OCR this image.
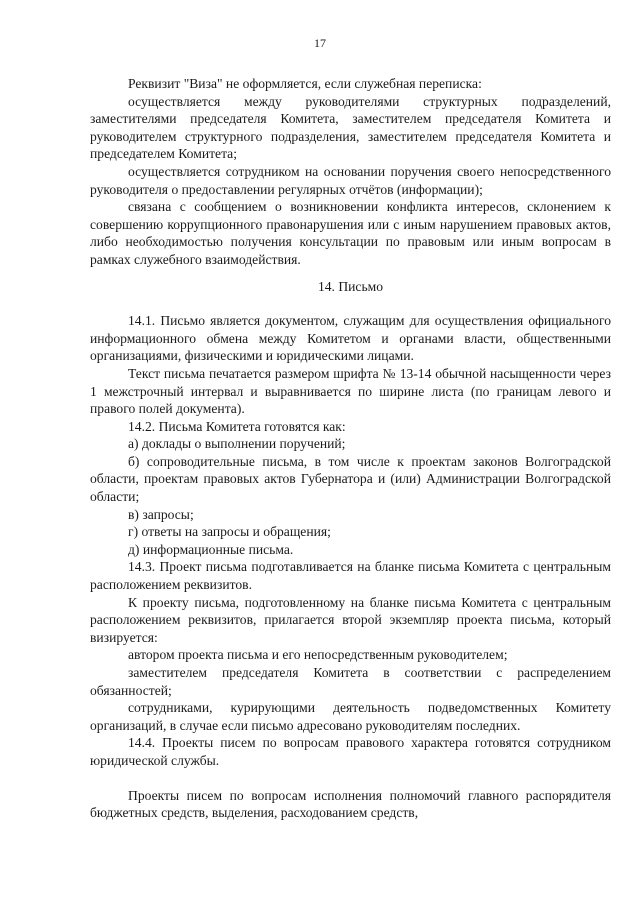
17

Реквизит "Виза" не оформляется, если служебная переписка:

осуществляется между руководителями структурных подразделений, заместителями председателя Комитета, заместителем председателя Комитета и руководителем структурного подразделения, заместителем председателя Комитета и председателем Комитета;

осуществляется сотрудником на основании поручения своего непосредственного руководителя о предоставлении регулярных отчётов (информации);

связана с сообщением о возникновении конфликта интересов, склонением к совершению коррупционного правонарушения или с иным нарушением правовых актов, либо необходимостью получения консультации по правовым или иным вопросам в рамках служебного взаимодействия.

14. Письмо

14.1. Письмо является документом, служащим для осуществления официального информационного обмена между Комитетом и органами власти, общественными организациями, физическими и юридическими лицами.

Текст письма печатается размером шрифта № 13-14 обычной насыщенности через 1 межстрочный интервал и выравнивается по ширине листа (по границам левого и правого полей документа).

14.2. Письма Комитета готовятся как:

а) доклады о выполнении поручений;

б) сопроводительные письма, в том числе к проектам законов Волгоградской области, проектам правовых актов Губернатора и (или) Администрации Волгоградской области;

в) запросы;

г) ответы на запросы и обращения;

д) информационные письма.

14.3. Проект письма подготавливается на бланке письма Комитета с центральным расположением реквизитов.

К проекту письма, подготовленному на бланке письма Комитета с центральным расположением реквизитов, прилагается второй экземпляр проекта письма, который визируется:

автором проекта письма и его непосредственным руководителем;

заместителем председателя Комитета в соответствии с распределением обязанностей;

сотрудниками, курирующими деятельность подведомственных Комитету организаций, в случае если письмо адресовано руководителям последних.

14.4. Проекты писем по вопросам правового характера готовятся сотрудником юридической службы.

Проекты писем по вопросам исполнения полномочий главного распорядителя бюджетных средств, выделения, расходованием средств,
